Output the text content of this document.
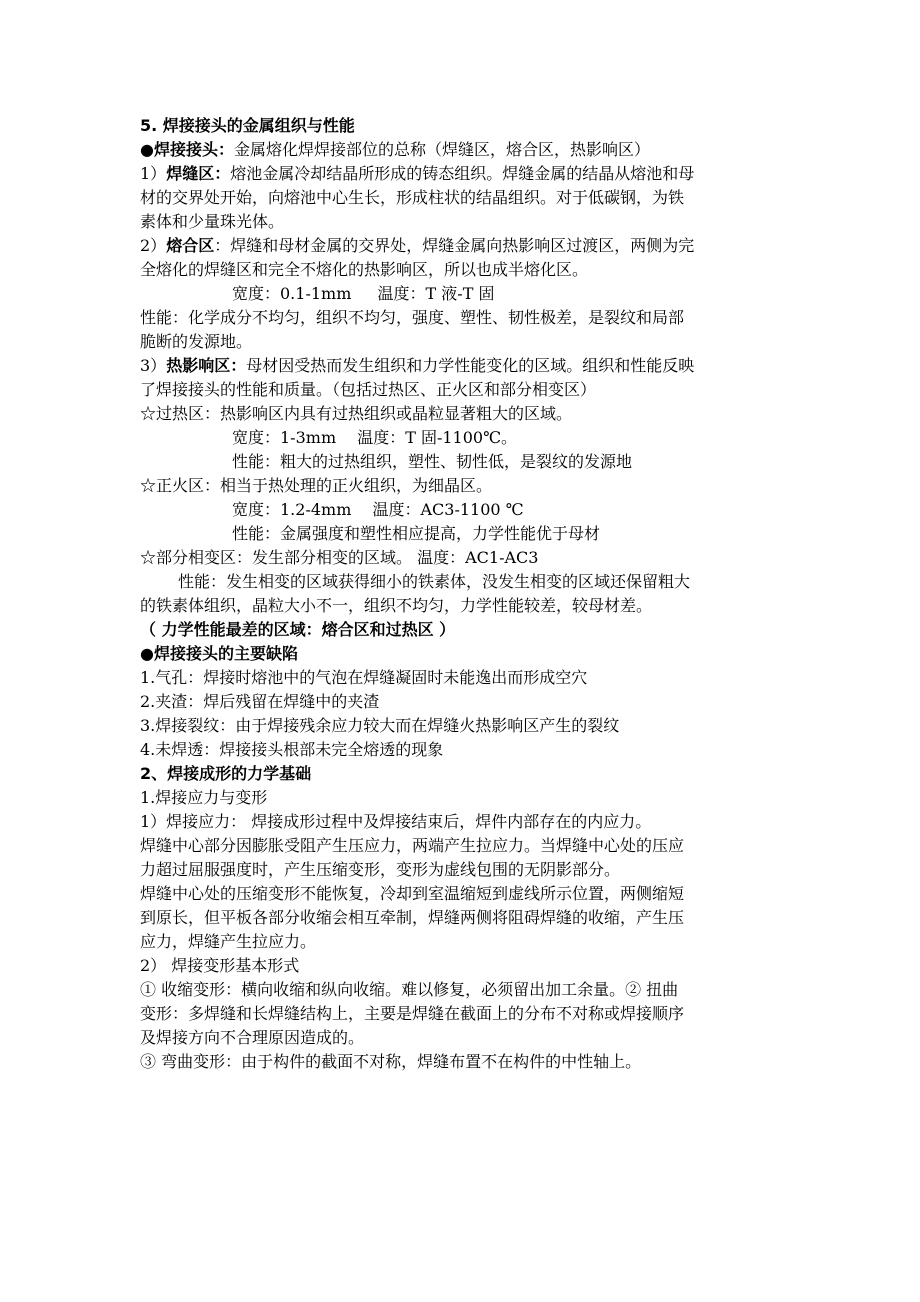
5. 焊接接头的金属组织与性能
●焊接接头：金属熔化焊焊接部位的总称（焊缝区，熔合区，热影响区）
1）焊缝区：熔池金属冷却结晶所形成的铸态组织。焊缝金属的结晶从熔池和母
材的交界处开始，向熔池中心生长，形成柱状的结晶组织。对于低碳钢，为铁
素体和少量珠光体。
2）熔合区：焊缝和母材金属的交界处，焊缝金属向热影响区过渡区，两侧为完
全熔化的焊缝区和完全不熔化的热影响区，所以也成半熔化区。
宽度：0.1-1mm 　 温度：T 液-T 固
性能：化学成分不均匀，组织不均匀，强度、塑性、韧性极差，是裂纹和局部
脆断的发源地。
3）热影响区：母材因受热而发生组织和力学性能变化的区域。组织和性能反映
了焊接接头的性能和质量。（包括过热区、正火区和部分相变区）
☆过热区：热影响区内具有过热组织或晶粒显著粗大的区域。
宽度：1-3mm 　温度：T 固-1100℃。
性能：粗大的过热组织，塑性、韧性低，是裂纹的发源地
☆正火区：相当于热处理的正火组织，为细晶区。
宽度：1.2-4mm 　温度：AC3-1100 ℃
性能：金属强度和塑性相应提高，力学性能优于母材
☆部分相变区：发生部分相变的区域。 温度：AC1-AC3
性能：发生相变的区域获得细小的铁素体，没发生相变的区域还保留粗大
的铁素体组织，晶粒大小不一，组织不均匀，力学性能较差，较母材差。
（ 力学性能最差的区域：熔合区和过热区 ）
●焊接接头的主要缺陷
1.气孔：焊接时熔池中的气泡在焊缝凝固时未能逸出而形成空穴
2.夹渣：焊后残留在焊缝中的夹渣
3.焊接裂纹：由于焊接残余应力较大而在焊缝火热影响区产生的裂纹
4.未焊透：焊接接头根部未完全熔透的现象
2、焊接成形的力学基础
1.焊接应力与变形
1）焊接应力： 焊接成形过程中及焊接结束后，焊件内部存在的内应力。
焊缝中心部分因膨胀受阻产生压应力，两端产生拉应力。当焊缝中心处的压应
力超过屈服强度时，产生压缩变形，变形为虚线包围的无阴影部分。
焊缝中心处的压缩变形不能恢复，冷却到室温缩短到虚线所示位置，两侧缩短
到原长，但平板各部分收缩会相互牵制，焊缝两侧将阻碍焊缝的收缩，产生压
应力，焊缝产生拉应力。
2） 焊接变形基本形式
① 收缩变形：横向收缩和纵向收缩。难以修复，必须留出加工余量。② 扭曲
变形：多焊缝和长焊缝结构上，主要是焊缝在截面上的分布不对称或焊接顺序
及焊接方向不合理原因造成的。
③ 弯曲变形：由于构件的截面不对称，焊缝布置不在构件的中性轴上。
